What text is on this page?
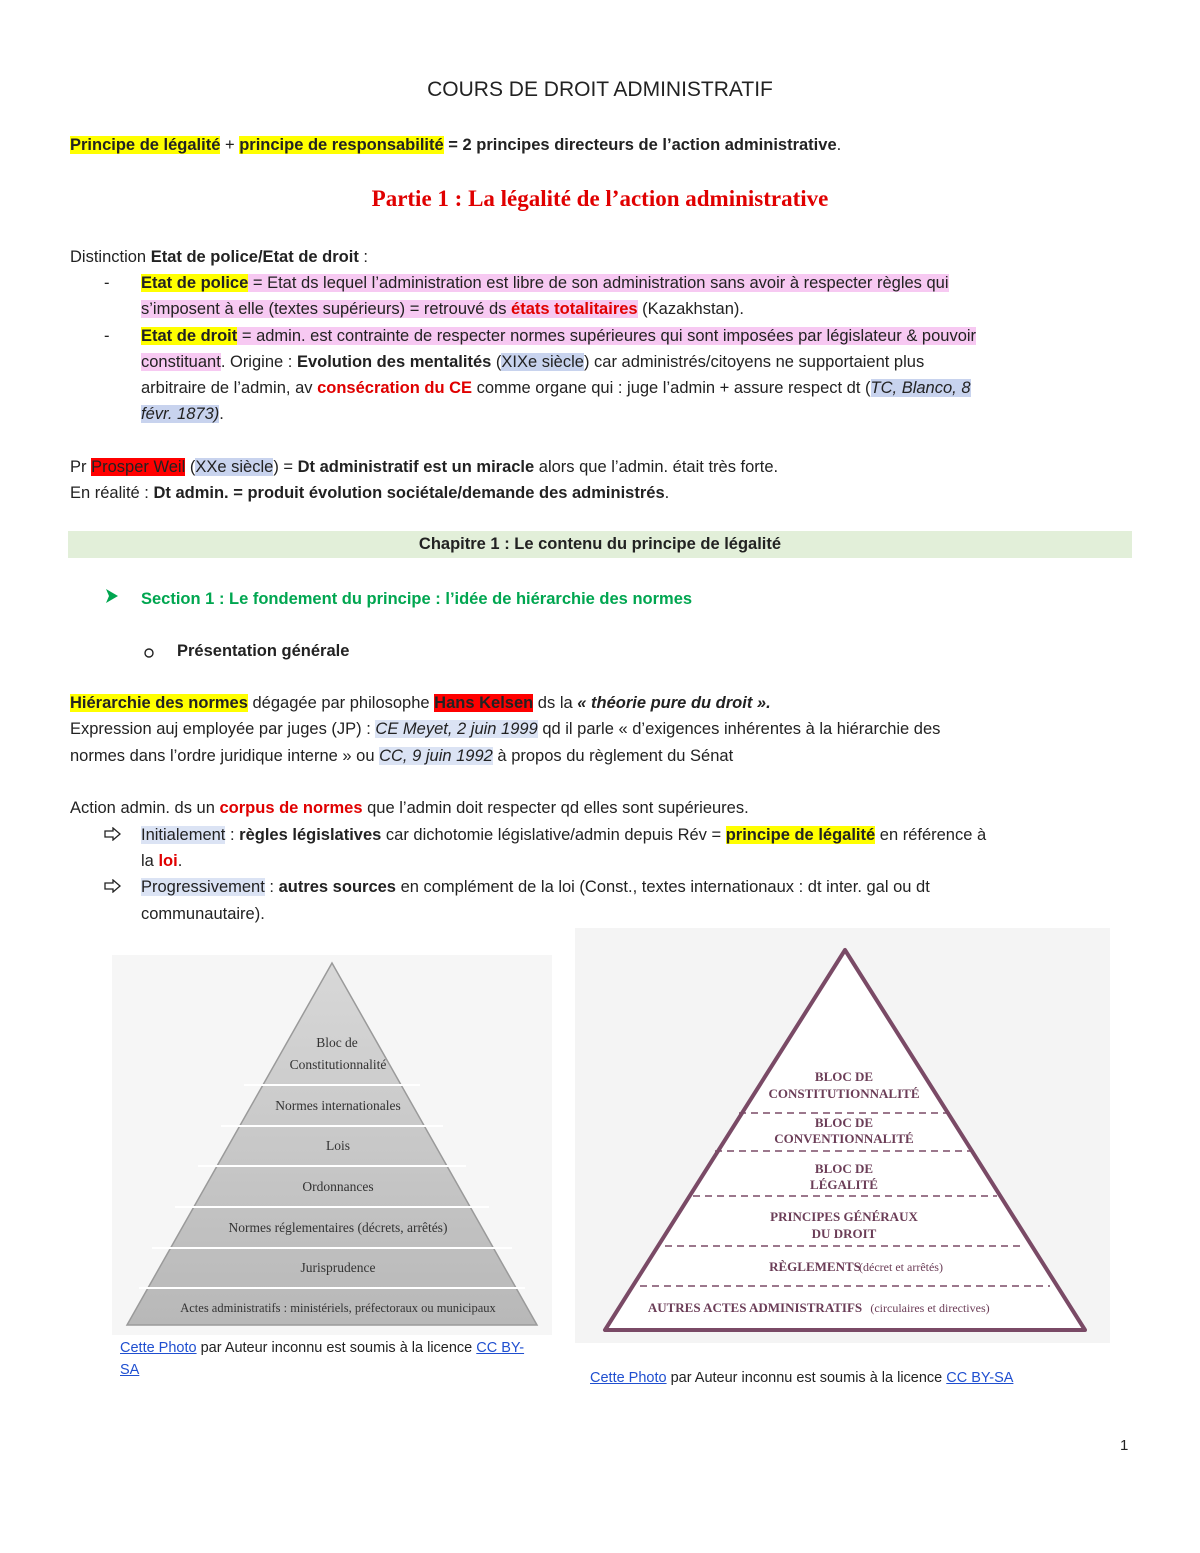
COURS DE DROIT ADMINISTRATIF
Principe de légalité + principe de responsabilité = 2 principes directeurs de l’action administrative.
Partie 1 : La légalité de l’action administrative
Distinction Etat de police/Etat de droit :
- Etat de police = Etat ds lequel l’administration est libre de son administration sans avoir à respecter règles qui
s’imposent à elle (textes supérieurs) = retrouvé ds états totalitaires (Kazakhstan).
- Etat de droit = admin. est contrainte de respecter normes supérieures qui sont imposées par législateur & pouvoir
constituant. Origine : Evolution des mentalités (XIXe siècle) car administrés/citoyens ne supportaient plus
arbitraire de l’admin, av consécration du CE comme organe qui : juge l’admin + assure respect dt (TC, Blanco, 8
févr. 1873).
Pr Prosper Weil (XXe siècle) = Dt administratif est un miracle alors que l’admin. était très forte.
En réalité : Dt admin. = produit évolution sociétale/demande des administrés.
Chapitre 1 : Le contenu du principe de légalité
Section 1 : Le fondement du principe : l’idée de hiérarchie des normes
Présentation générale
Hiérarchie des normes dégagée par philosophe Hans Kelsen ds la « théorie pure du droit ».
Expression auj employée par juges (JP) : CE Meyet, 2 juin 1999 qd il parle « d’exigences inhérentes à la hiérarchie des
normes dans l’ordre juridique interne » ou CC, 9 juin 1992 à propos du règlement du Sénat
Action admin. ds un corpus de normes que l’admin doit respecter qd elles sont supérieures.
Initialement : règles législatives car dichotomie législative/admin depuis Rév = principe de légalité en référence à
la loi.
Progressivement : autres sources en complément de la loi (Const., textes internationaux : dt inter. gal ou dt
communautaire).
Bloc de
Constitutionnalité
Normes internationales
Lois
Ordonnances
Normes réglementaires (décrets, arrêtés)
Jurisprudence
Actes administratifs : ministériels, préfectoraux ou municipaux
Cette Photo par Auteur inconnu est soumis à la licence CC BY-
SA
BLOC DE
CONSTITUTIONNALITÉ
BLOC DE
CONVENTIONNALITÉ
BLOC DE
LÉGALITÉ
PRINCIPES GÉNÉRAUX
DU DROIT
RÈGLEMENTS
(décret et arrêtés)
AUTRES ACTES ADMINISTRATIFS (circulaires et directives)
Cette Photo par Auteur inconnu est soumis à la licence CC BY-SA
1
